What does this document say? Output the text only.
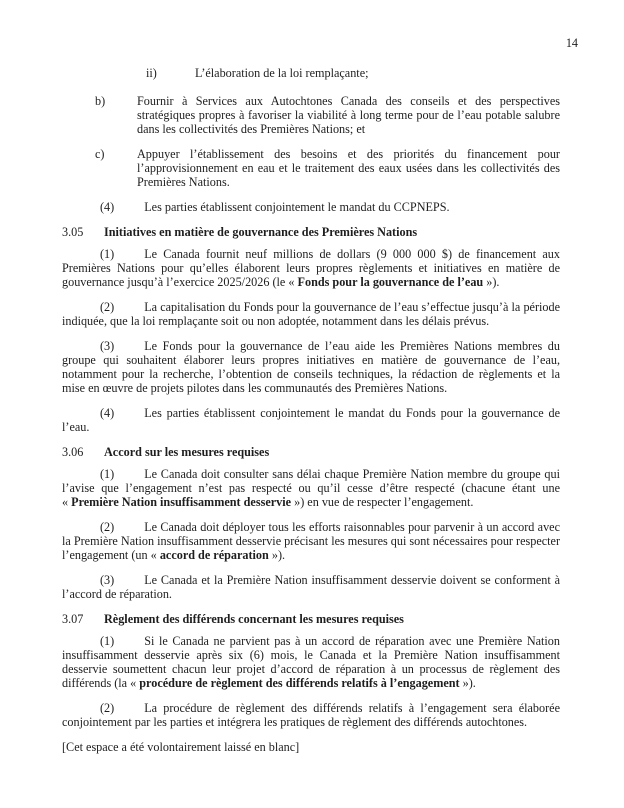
14

ii)	L’élaboration de la loi remplaçante;

b)	Fournir à Services aux Autochtones Canada des conseils et des perspectives stratégiques propres à favoriser la viabilité à long terme pour de l’eau potable salubre dans les collectivités des Premières Nations; et

c)	Appuyer l’établissement des besoins et des priorités du financement pour l’approvisionnement en eau et le traitement des eaux usées dans les collectivités des Premières Nations.

(4) Les parties établissent conjointement le mandat du CCPNEPS.

3.05	Initiatives en matière de gouvernance des Premières Nations

(1) Le Canada fournit neuf millions de dollars (9 000 000 $) de financement aux Premières Nations pour qu’elles élaborent leurs propres règlements et initiatives en matière de gouvernance jusqu’à l’exercice 2025/2026 (le « Fonds pour la gouvernance de l’eau »).

(2) La capitalisation du Fonds pour la gouvernance de l’eau s’effectue jusqu’à la période indiquée, que la loi remplaçante soit ou non adoptée, notamment dans les délais prévus.

(3) Le Fonds pour la gouvernance de l’eau aide les Premières Nations membres du groupe qui souhaitent élaborer leurs propres initiatives en matière de gouvernance de l’eau, notamment pour la recherche, l’obtention de conseils techniques, la rédaction de règlements et la mise en œuvre de projets pilotes dans les communautés des Premières Nations.

(4) Les parties établissent conjointement le mandat du Fonds pour la gouvernance de l’eau.

3.06	Accord sur les mesures requises

(1) Le Canada doit consulter sans délai chaque Première Nation membre du groupe qui l’avise que l’engagement n’est pas respecté ou qu’il cesse d’être respecté (chacune étant une « Première Nation insuffisamment desservie ») en vue de respecter l’engagement.

(2) Le Canada doit déployer tous les efforts raisonnables pour parvenir à un accord avec la Première Nation insuffisamment desservie précisant les mesures qui sont nécessaires pour respecter l’engagement (un « accord de réparation »).

(3) Le Canada et la Première Nation insuffisamment desservie doivent se conforment à l’accord de réparation.

3.07	Règlement des différends concernant les mesures requises

(1) Si le Canada ne parvient pas à un accord de réparation avec une Première Nation insuffisamment desservie après six (6) mois, le Canada et la Première Nation insuffisamment desservie soumettent chacun leur projet d’accord de réparation à un processus de règlement des différends (la « procédure de règlement des différends relatifs à l’engagement »).

(2) La procédure de règlement des différends relatifs à l’engagement sera élaborée conjointement par les parties et intégrera les pratiques de règlement des différends autochtones.

[Cet espace a été volontairement laissé en blanc]
